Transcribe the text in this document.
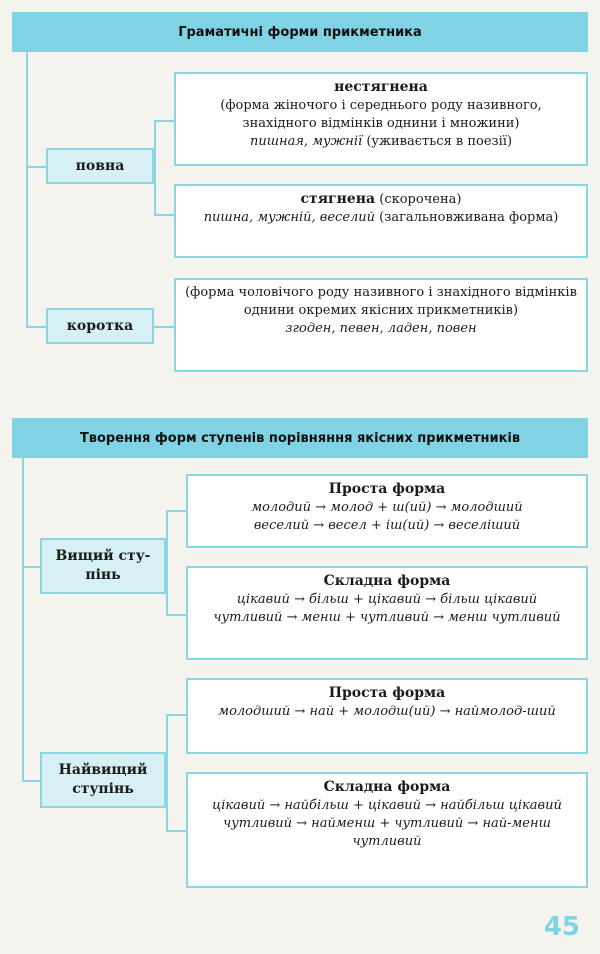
Граматичні форми прикметника
повна
нестягнена
(форма жіночого і середнього роду називного, знахідного відмінків однини і множини)
пишная, мужнії (уживається в поезії)
стягнена (скорочена)
пишна, мужній, веселий (загальновживана форма)
коротка
(форма чоловічого роду називного і знахідного відмінків однини окремих якісних прикметників)
згоден, певен, ладен, повен
Творення форм ступенів порівняння якісних прикметників
Вищий сту-пінь
Проста форма
молодий → молод + ш(ий) → молодший
веселий → весел + іш(ий) → веселіший
Складна форма
цікавий → більш + цікавий → більш цікавий
чутливий → менш + чутливий → менш чутливий
Найвищий ступінь
Проста форма
молодший → най + молодш(ий) → наймолод-ший
Складна форма
цікавий → найбільш + цікавий → найбільш цікавий
чутливий → найменш + чутливий → най-менш чутливий
45
